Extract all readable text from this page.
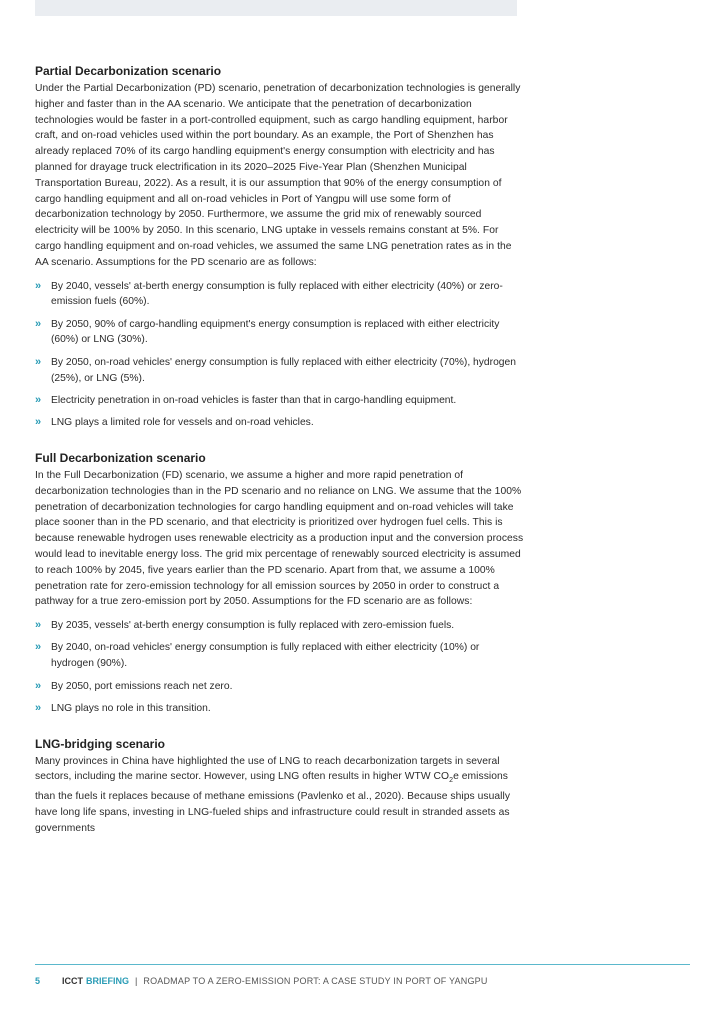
Partial Decarbonization scenario

Under the Partial Decarbonization (PD) scenario, penetration of decarbonization technologies is generally higher and faster than in the AA scenario. We anticipate that the penetration of decarbonization technologies would be faster in a port-controlled equipment, such as cargo handling equipment, harbor craft, and on-road vehicles used within the port boundary. As an example, the Port of Shenzhen has already replaced 70% of its cargo handling equipment's energy consumption with electricity and has planned for drayage truck electrification in its 2020–2025 Five-Year Plan (Shenzhen Municipal Transportation Bureau, 2022). As a result, it is our assumption that 90% of the energy consumption of cargo handling equipment and all on-road vehicles in Port of Yangpu will use some form of decarbonization technology by 2050. Furthermore, we assume the grid mix of renewably sourced electricity will be 100% by 2050. In this scenario, LNG uptake in vessels remains constant at 5%. For cargo handling equipment and on-road vehicles, we assumed the same LNG penetration rates as in the AA scenario. Assumptions for the PD scenario are as follows:

» By 2040, vessels' at-berth energy consumption is fully replaced with either electricity (40%) or zero-emission fuels (60%).
» By 2050, 90% of cargo-handling equipment's energy consumption is replaced with either electricity (60%) or LNG (30%).
» By 2050, on-road vehicles' energy consumption is fully replaced with either electricity (70%), hydrogen (25%), or LNG (5%).
» Electricity penetration in on-road vehicles is faster than that in cargo-handling equipment.
» LNG plays a limited role for vessels and on-road vehicles.
Full Decarbonization scenario

In the Full Decarbonization (FD) scenario, we assume a higher and more rapid penetration of decarbonization technologies than in the PD scenario and no reliance on LNG. We assume that the 100% penetration of decarbonization technologies for cargo handling equipment and on-road vehicles will take place sooner than in the PD scenario, and that electricity is prioritized over hydrogen fuel cells. This is because renewable hydrogen uses renewable electricity as a production input and the conversion process would lead to inevitable energy loss. The grid mix percentage of renewably sourced electricity is assumed to reach 100% by 2045, five years earlier than the PD scenario. Apart from that, we assume a 100% penetration rate for zero-emission technology for all emission sources by 2050 in order to construct a pathway for a true zero-emission port by 2050. Assumptions for the FD scenario are as follows:

» By 2035, vessels' at-berth energy consumption is fully replaced with zero-emission fuels.
» By 2040, on-road vehicles' energy consumption is fully replaced with either electricity (10%) or hydrogen (90%).
» By 2050, port emissions reach net zero.
» LNG plays no role in this transition.
LNG-bridging scenario

Many provinces in China have highlighted the use of LNG to reach decarbonization targets in several sectors, including the marine sector. However, using LNG often results in higher WTW $CO_2e$ emissions than the fuels it replaces because of methane emissions (Pavlenko et al., 2020). Because ships usually have long life spans, investing in LNG-fueled ships and infrastructure could result in stranded assets as governments

5 ICCT BRIEFING | ROADMAP TO A ZERO-EMISSION PORT: A CASE STUDY IN PORT OF YANGPU
